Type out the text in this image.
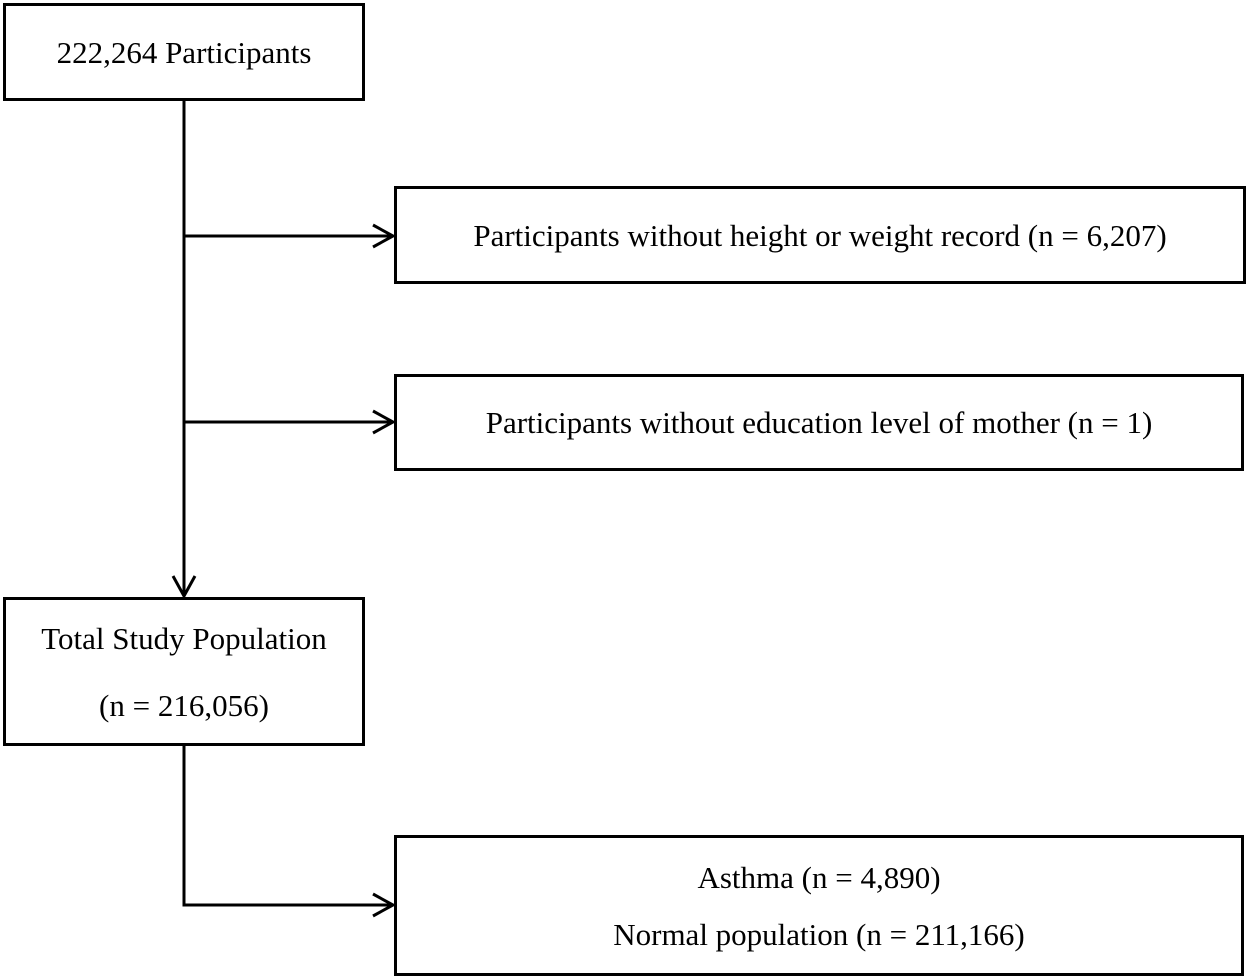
222,264 Participants
Participants without height or weight record (n = 6,207)
Participants without education level of mother (n = 1)
Total Study Population
(n = 216,056)
Asthma (n = 4,890)
Normal population (n = 211,166)
